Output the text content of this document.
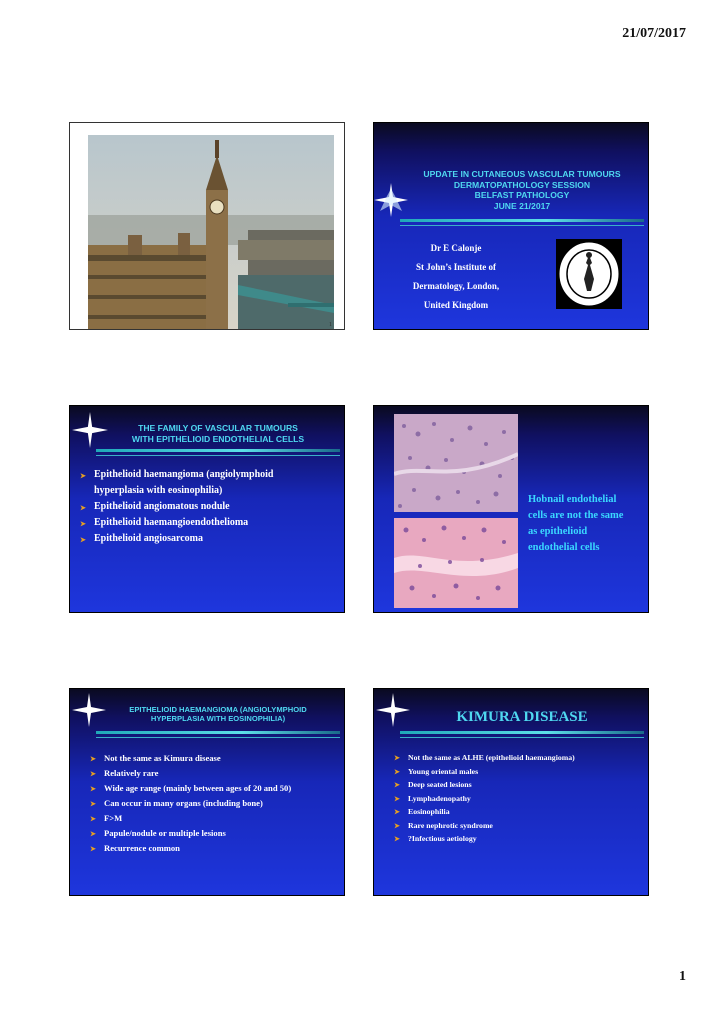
21/07/2017
1
UPDATE IN CUTANEOUS VASCULAR TUMOURS
DERMATOPATHOLOGY SESSION
BELFAST PATHOLOGY
JUNE 21/2017
Dr E Calonje
St John’s Institute of
Dermatology, London,
United Kingdom
THE FAMILY OF VASCULAR TUMOURS
WITH EPITHELIOID ENDOTHELIAL CELLS
➤ Epithelioid haemangioma (angiolymphoid hyperplasia with eosinophilia)
➤ Epithelioid angiomatous nodule
➤ Epithelioid haemangioendothelioma
➤ Epithelioid angiosarcoma
Hobnail endothelial
cells are not the same
as epithelioid
endothelial cells
EPITHELIOID HAEMANGIOMA (ANGIOLYMPHOID
HYPERPLASIA WITH EOSINOPHILIA)
➤ Not the same as Kimura disease
➤ Relatively rare
➤ Wide age range (mainly between ages of 20 and 50)
➤ Can occur in many organs (including bone)
➤ F>M
➤ Papule/nodule or multiple lesions
➤ Recurrence common
KIMURA DISEASE
➤ Not the same as ALHE (epithelioid haemangioma)
➤ Young oriental males
➤ Deep seated lesions
➤ Lymphadenopathy
➤ Eosinophilia
➤ Rare nephrotic syndrome
➤ ?Infectious aetiology
1
